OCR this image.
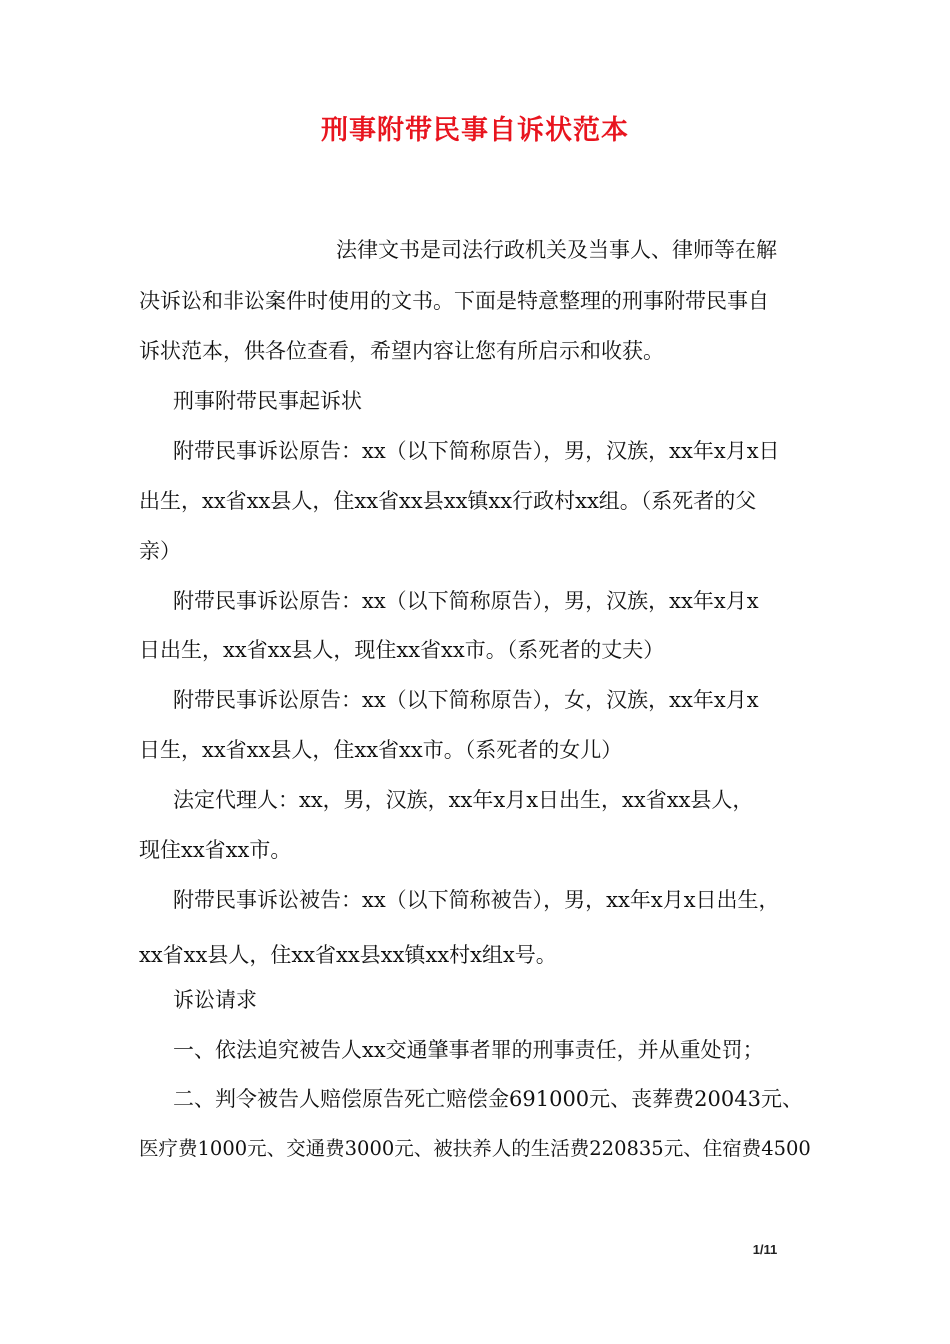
刑事附带民事自诉状范本
法律文书是司法行政机关及当事人、律师等在解
决诉讼和非讼案件时使用的文书。下面是特意整理的刑事附带民事自
诉状范本，供各位查看，希望内容让您有所启示和收获。
刑事附带民事起诉状
附带民事诉讼原告：xx（以下简称原告），男，汉族，xx年x月x日
出生，xx省xx县人，住xx省xx县xx镇xx行政村xx组。（系死者的父
亲）
附带民事诉讼原告：xx（以下简称原告），男，汉族，xx年x月x
日出生，xx省xx县人，现住xx省xx市。（系死者的丈夫）
附带民事诉讼原告：xx（以下简称原告），女，汉族，xx年x月x
日生，xx省xx县人，住xx省xx市。（系死者的女儿）
法定代理人：xx，男，汉族，xx年x月x日出生，xx省xx县人，
现住xx省xx市。
附带民事诉讼被告：xx（以下简称被告），男，xx年x月x日出生，
xx省xx县人，住xx省xx县xx镇xx村x组x号。
诉讼请求
一、依法追究被告人xx交通肇事者罪的刑事责任，并从重处罚；
二、判令被告人赔偿原告死亡赔偿金691000元、丧葬费20043元、
医疗费1000元、交通费3000元、被扶养人的生活费220835元、住宿费4500
1/11
